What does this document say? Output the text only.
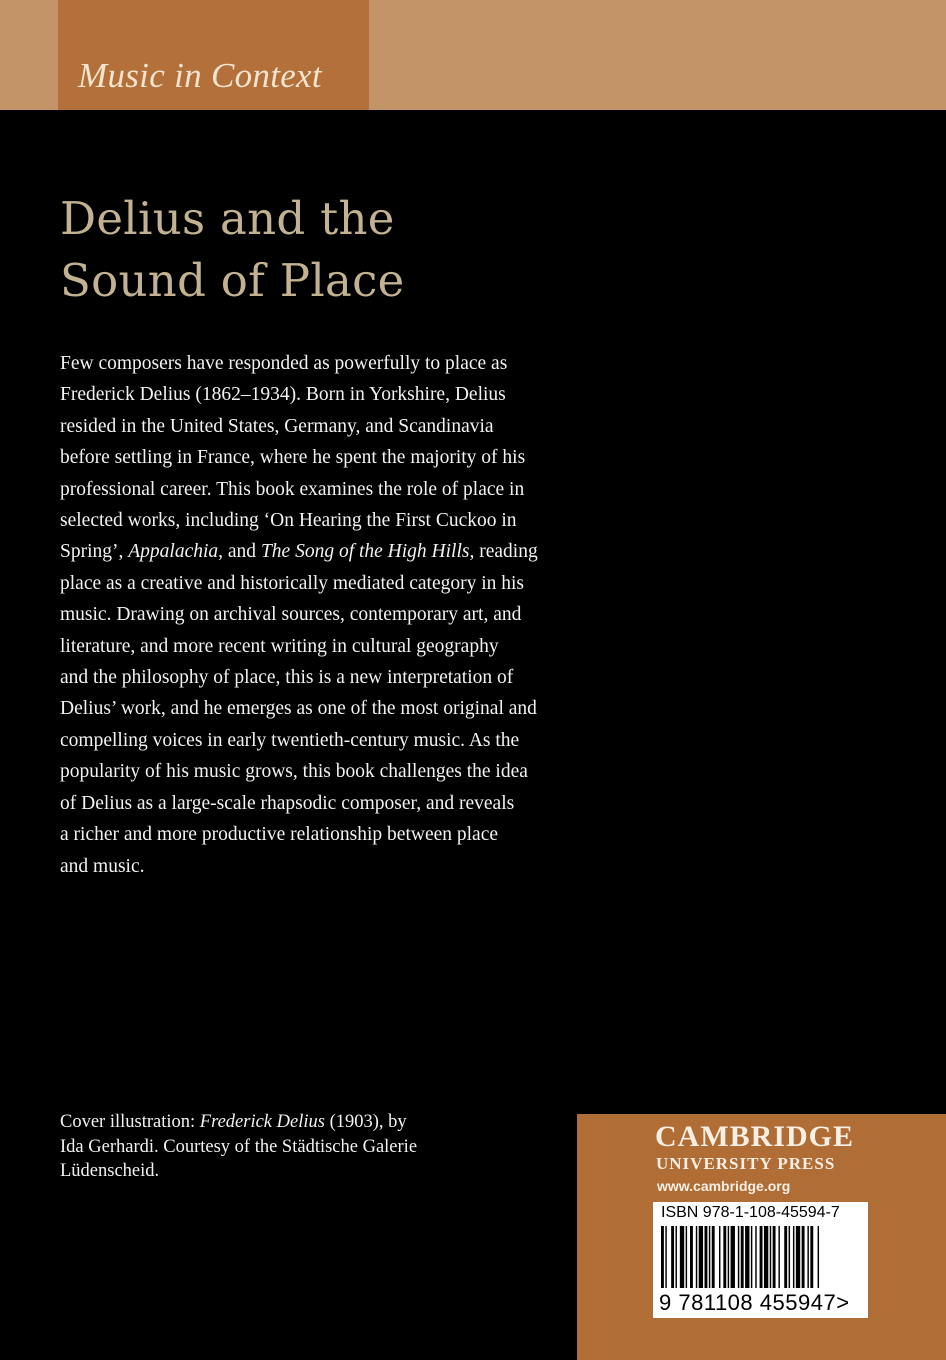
Music in Context
Delius and the
Sound of Place
Few composers have responded as powerfully to place as
Frederick Delius (1862–1934). Born in Yorkshire, Delius
resided in the United States, Germany, and Scandinavia
before settling in France, where he spent the majority of his
professional career. This book examines the role of place in
selected works, including ‘On Hearing the First Cuckoo in
Spring’, Appalachia, and The Song of the High Hills, reading
place as a creative and historically mediated category in his
music. Drawing on archival sources, contemporary art, and
literature, and more recent writing in cultural geography
and the philosophy of place, this is a new interpretation of
Delius’ work, and he emerges as one of the most original and
compelling voices in early twentieth-century music. As the
popularity of his music grows, this book challenges the idea
of Delius as a large-scale rhapsodic composer, and reveals
a richer and more productive relationship between place
and music.
Cover illustration: Frederick Delius (1903), by
Ida Gerhardi. Courtesy of the Städtische Galerie
Lüdenscheid.
CAMBRIDGE
UNIVERSITY PRESS
www.cambridge.org
ISBN 978-1-108-45594-7
9 781108 455947>
